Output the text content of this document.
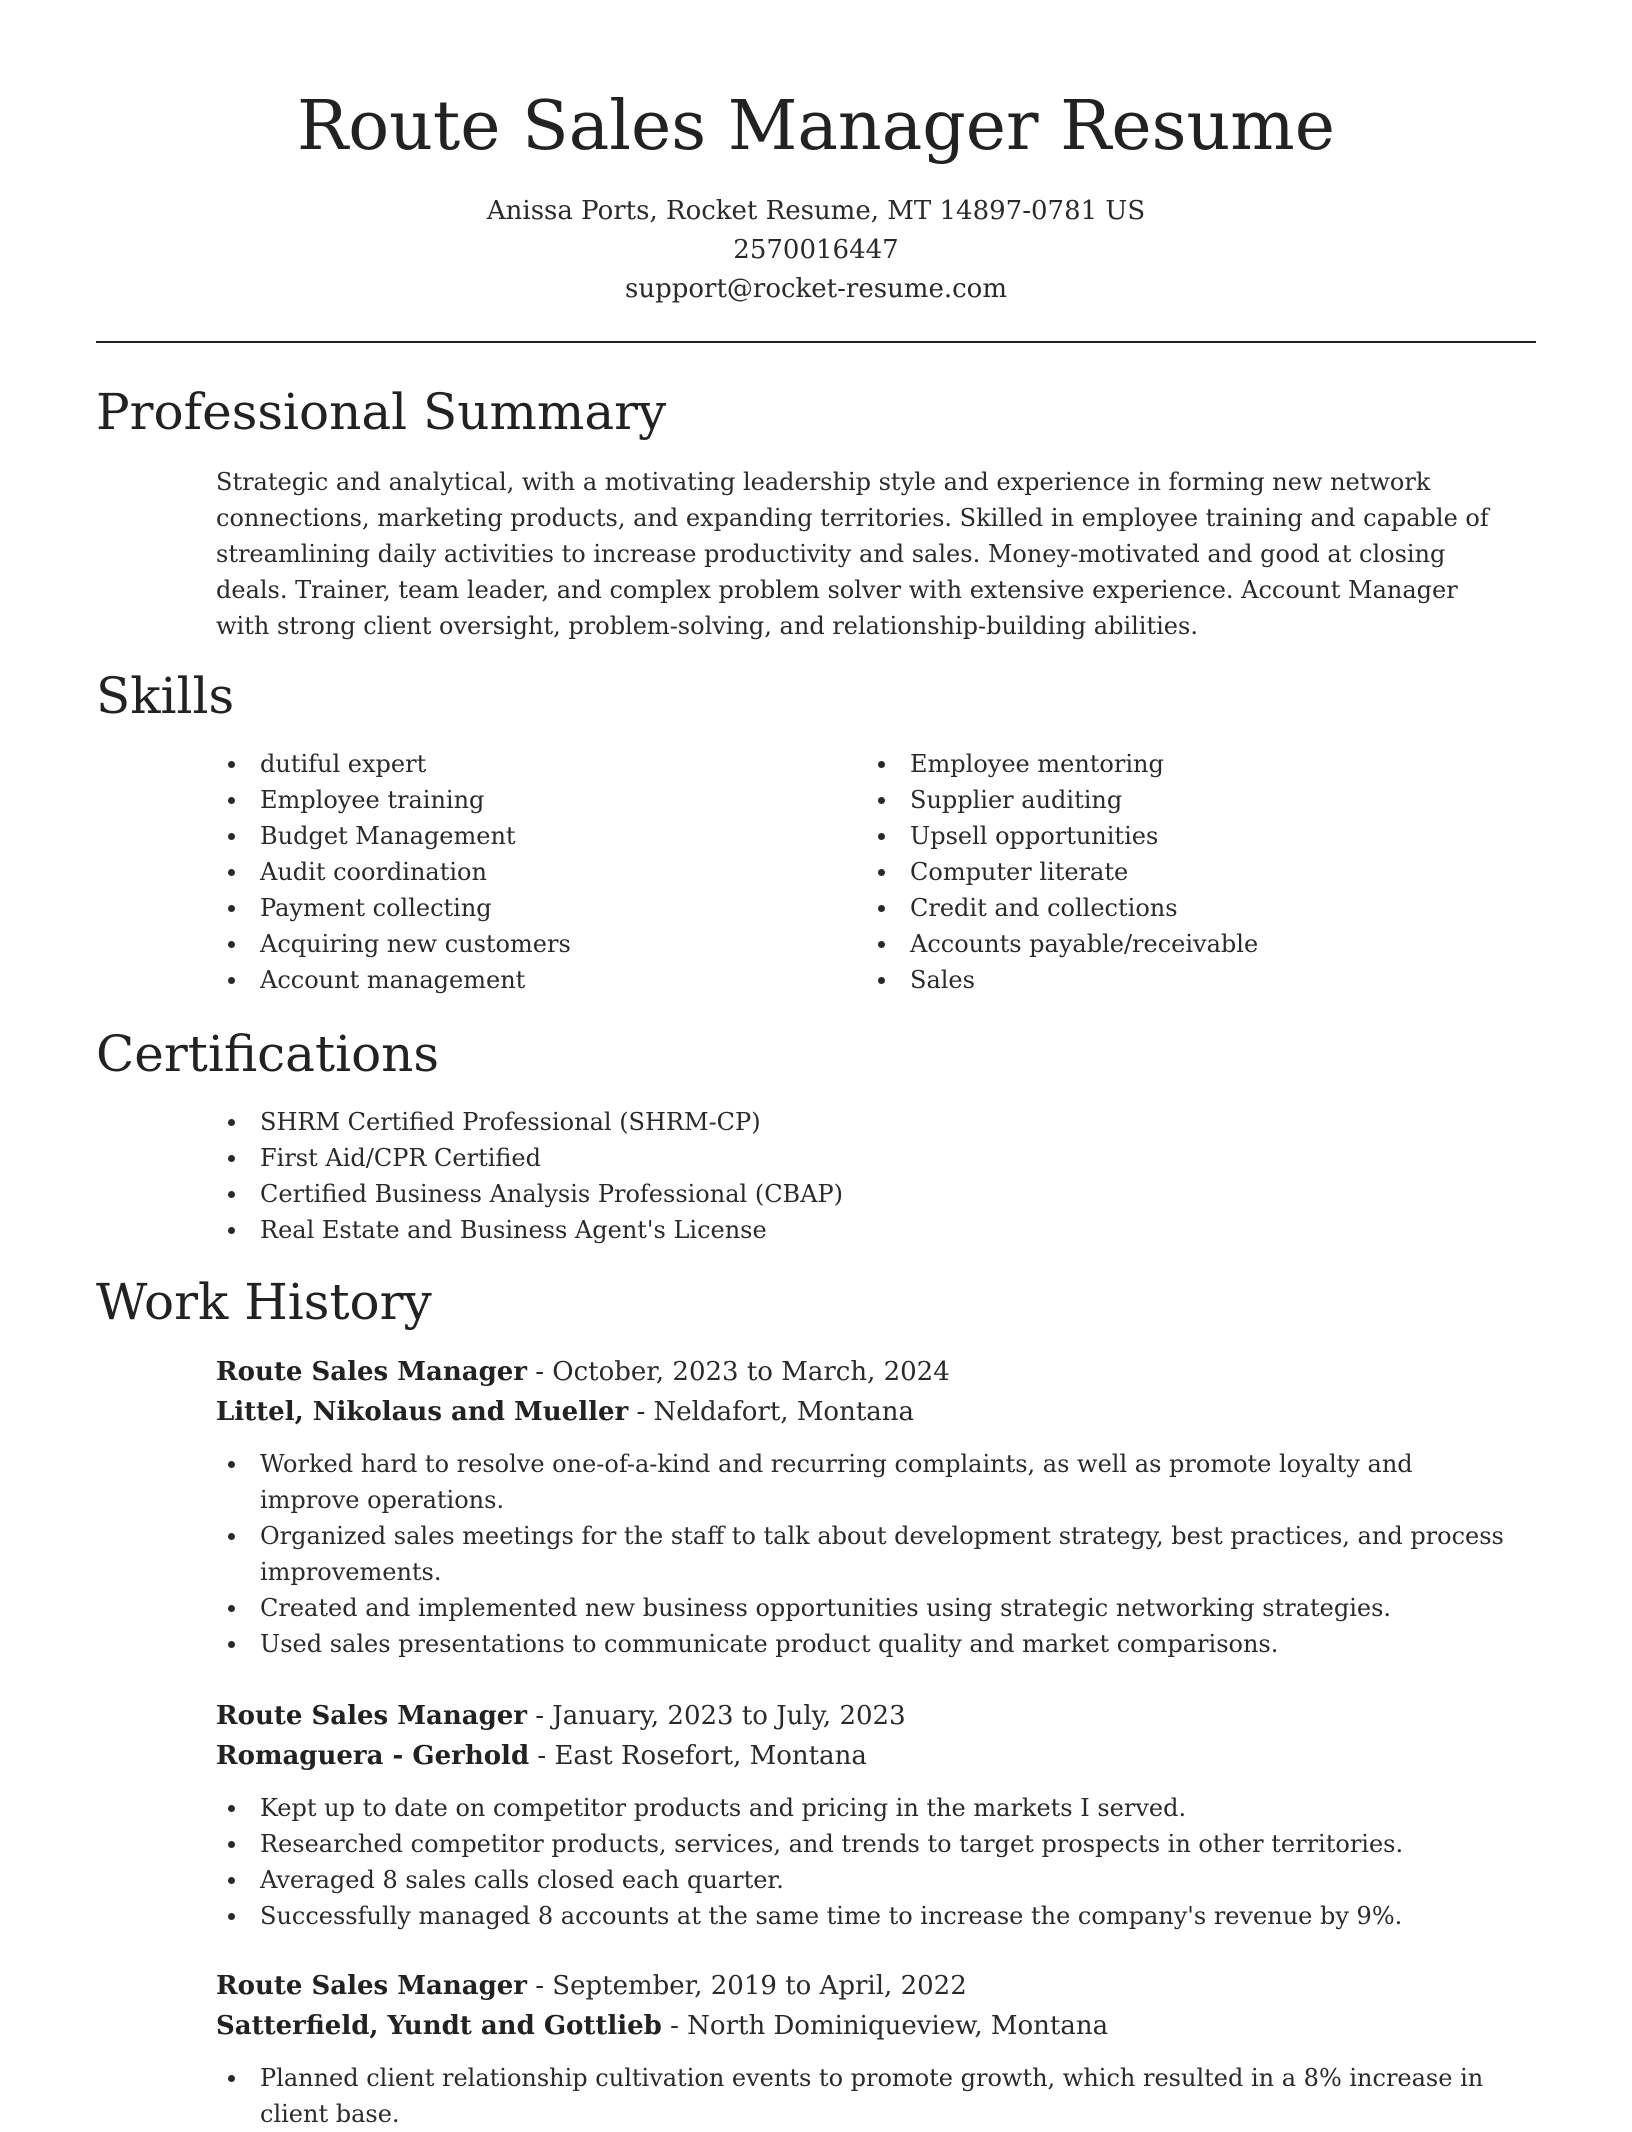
Route Sales Manager Resume
Anissa Ports, Rocket Resume, MT 14897-0781 US
2570016447
support@rocket-resume.com
Professional Summary

Strategic and analytical, with a motivating leadership style and experience in forming new network connections, marketing products, and expanding territories. Skilled in employee training and capable of streamlining daily activities to increase productivity and sales. Money-motivated and good at closing deals. Trainer, team leader, and complex problem solver with extensive experience. Account Manager with strong client oversight, problem-solving, and relationship-building abilities.

Skills
dutiful expert
Employee training
Budget Management
Audit coordination
Payment collecting
Acquiring new customers
Account management
Employee mentoring
Supplier auditing
Upsell opportunities
Computer literate
Credit and collections
Accounts payable/receivable
Sales
Certifications
SHRM Certified Professional (SHRM-CP)
First Aid/CPR Certified
Certified Business Analysis Professional (CBAP)
Real Estate and Business Agent's License
Work History
Route Sales Manager - October, 2023 to March, 2024
Littel, Nikolaus and Mueller - Neldafort, Montana
Worked hard to resolve one-of-a-kind and recurring complaints, as well as promote loyalty and improve operations.
Organized sales meetings for the staff to talk about development strategy, best practices, and process improvements.
Created and implemented new business opportunities using strategic networking strategies.
Used sales presentations to communicate product quality and market comparisons.
Route Sales Manager - January, 2023 to July, 2023
Romaguera - Gerhold - East Rosefort, Montana
Kept up to date on competitor products and pricing in the markets I served.
Researched competitor products, services, and trends to target prospects in other territories.
Averaged 8 sales calls closed each quarter.
Successfully managed 8 accounts at the same time to increase the company's revenue by 9%.
Route Sales Manager - September, 2019 to April, 2022
Satterfield, Yundt and Gottlieb - North Dominiqueview, Montana
Planned client relationship cultivation events to promote growth, which resulted in a 8% increase in client base.
